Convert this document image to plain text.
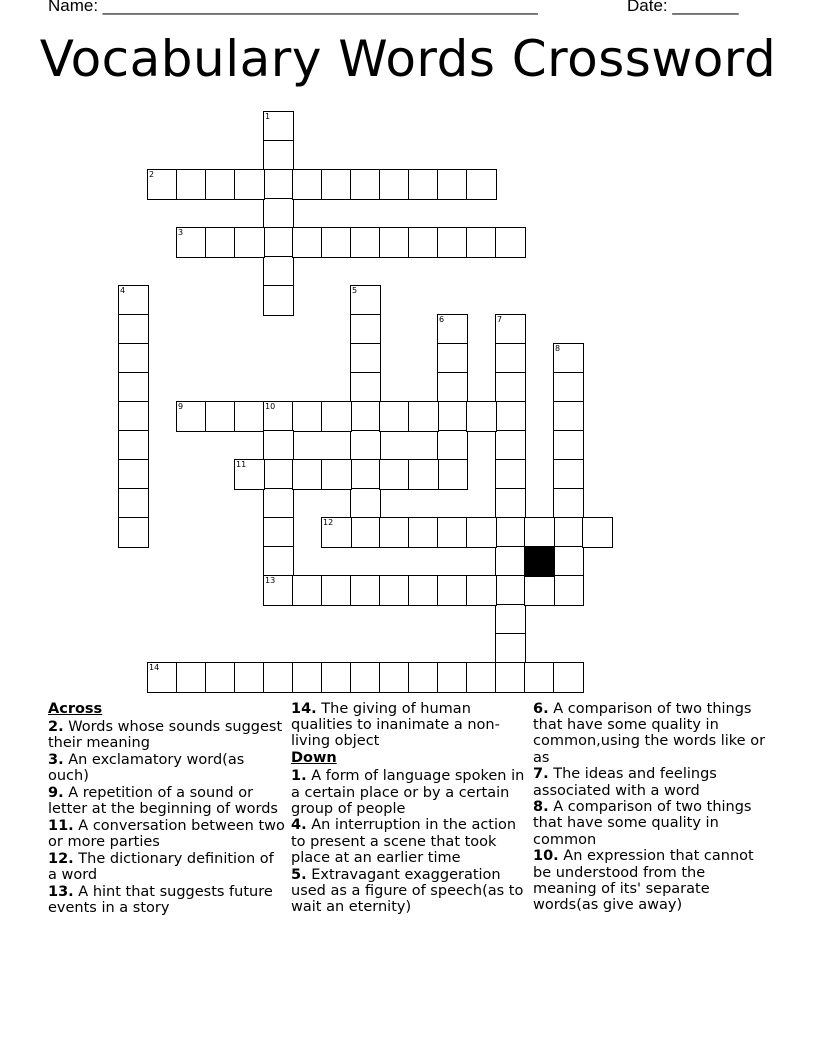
Name: ______________________________________________	Date: _______
Vocabulary Words Crossword
1
2
3
4	5
6	7
8
9	10
11
12
13
14
Across

2. Words whose sounds suggest their meaning

3. An exclamatory word(as ouch)

9. A repetition of a sound or letter at the beginning of words

11. A conversation between two or more parties

12. The dictionary definition of a word

13. A hint that suggests future events in a story

14. The giving of human qualities to inanimate a non-living object

Down

1. A form of language spoken in a certain place or by a certain group of people

4. An interruption in the action to present a scene that took place at an earlier time

5. Extravagant exaggeration used as a figure of speech(as to wait an eternity)

6. A comparison of two things that have some quality in common,using the words like or as

7. The ideas and feelings associated with a word

8. A comparison of two things that have some quality in common

10. An expression that cannot be understood from the meaning of its' separate words(as give away)
